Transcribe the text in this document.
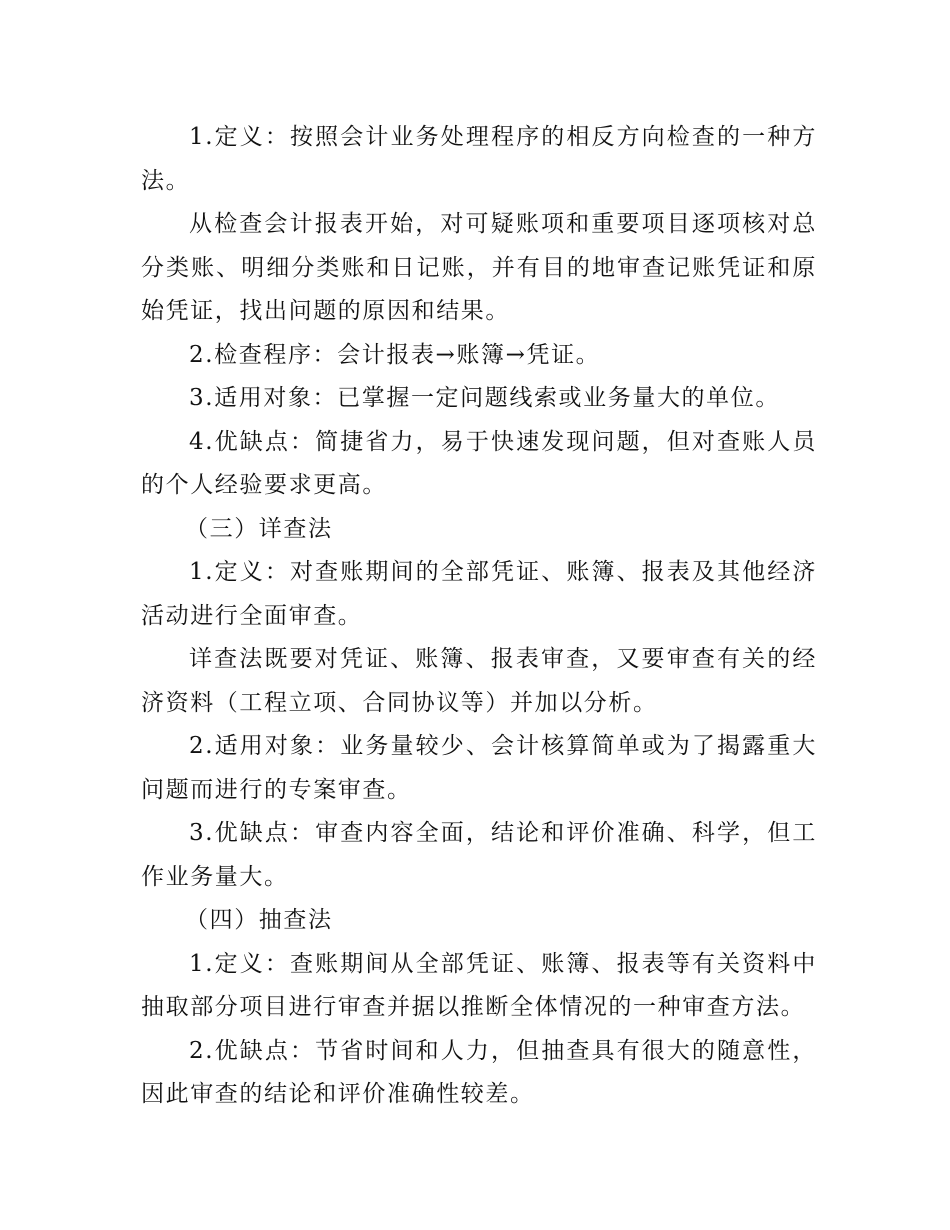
1.定义：按照会计业务处理程序的相反方向检查的一种方法。

从检查会计报表开始，对可疑账项和重要项目逐项核对总分类账、明细分类账和日记账，并有目的地审查记账凭证和原始凭证，找出问题的原因和结果。

2.检查程序：会计报表→账簿→凭证。

3.适用对象：已掌握一定问题线索或业务量大的单位。

4.优缺点：简捷省力，易于快速发现问题，但对查账人员的个人经验要求更高。

（三）详查法

1.定义：对查账期间的全部凭证、账簿、报表及其他经济活动进行全面审查。

详查法既要对凭证、账簿、报表审查，又要审查有关的经济资料（工程立项、合同协议等）并加以分析。

2.适用对象：业务量较少、会计核算简单或为了揭露重大问题而进行的专案审查。

3.优缺点：审查内容全面，结论和评价准确、科学，但工作业务量大。

（四）抽查法

1.定义：查账期间从全部凭证、账簿、报表等有关资料中抽取部分项目进行审查并据以推断全体情况的一种审查方法。

2.优缺点：节省时间和人力，但抽查具有很大的随意性，因此审查的结论和评价准确性较差。
